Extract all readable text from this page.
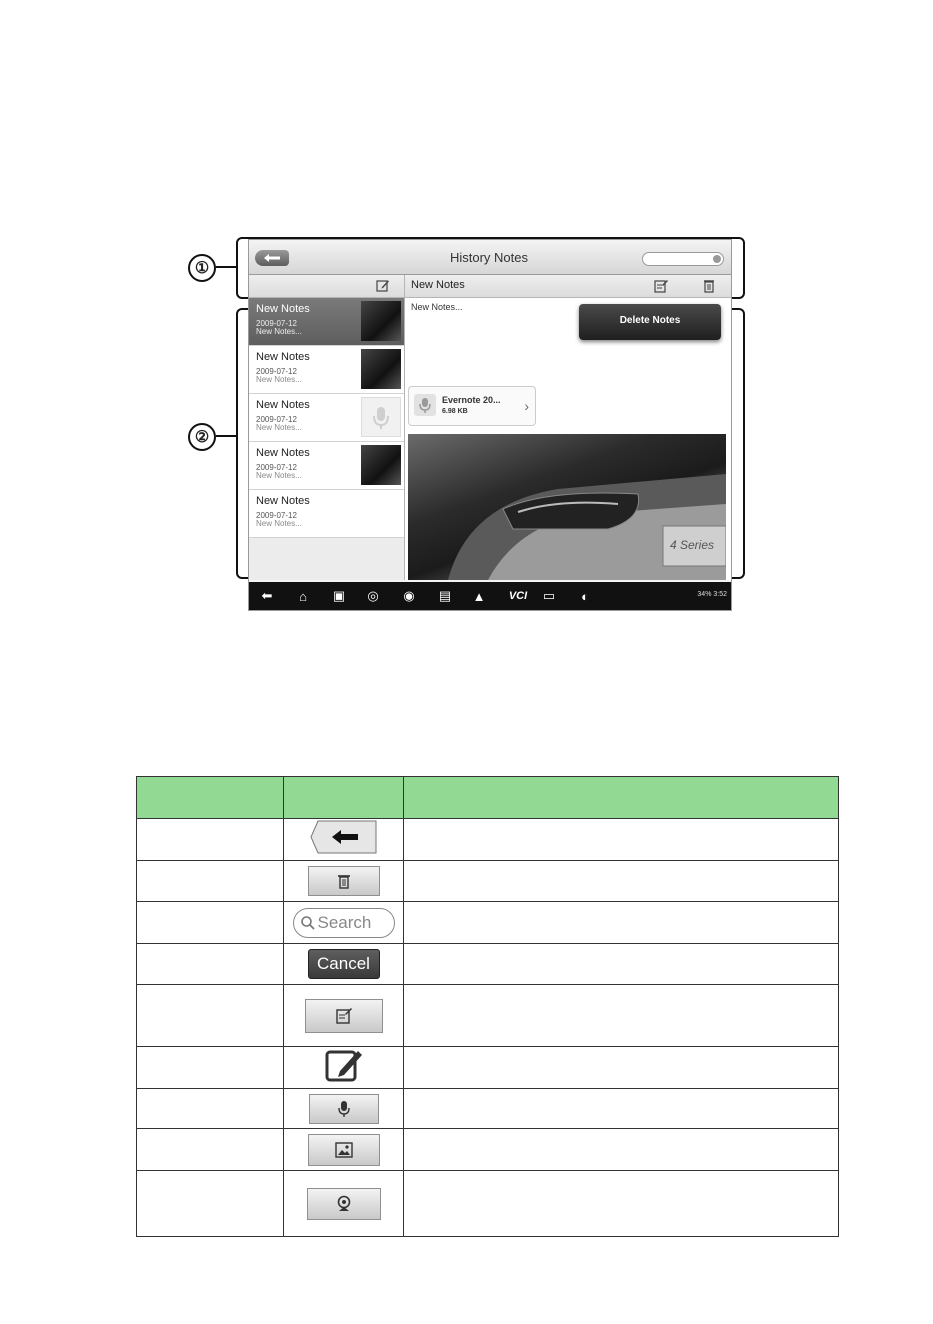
①
②
History Notes
New Notes
New Notes
2009-07-12
New Notes...
New Notes
2009-07-12
New Notes...
New Notes
2009-07-12
New Notes...
New Notes
2009-07-12
New Notes...
New Notes
2009-07-12
New Notes...
New Notes...
Evernote 20...
6.98 KB	›
4 Series
Delete Notes
⬅	⌂	▣ ◎ ◉ ▤ ▲	VCI	▭	◐	34% 3:52

	Search	

	Cancel	
